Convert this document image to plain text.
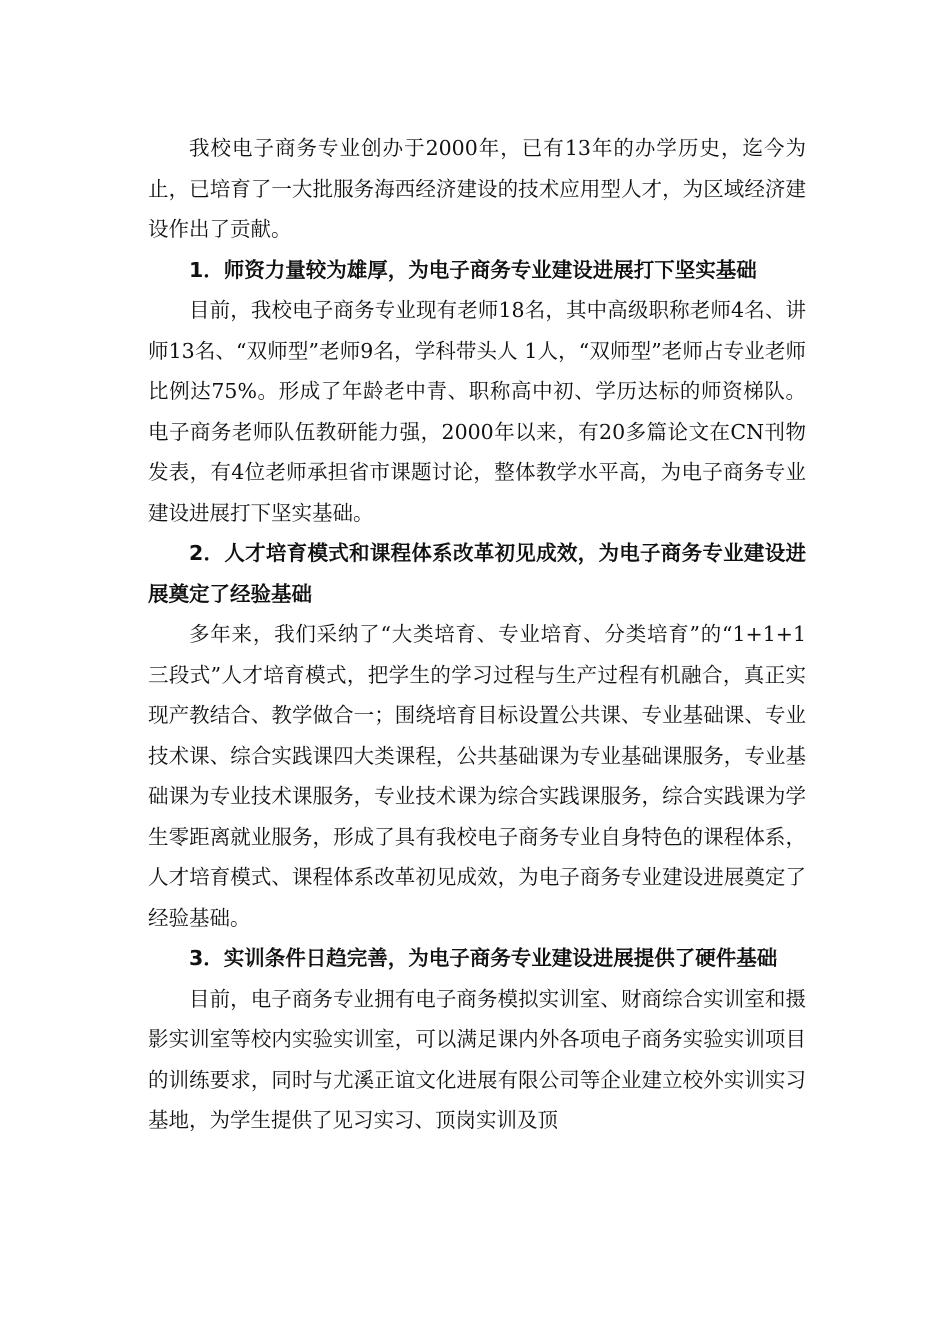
我校电子商务专业创办于2000年，已有13年的办学历史，迄今为止，已培育了一大批服务海西经济建设的技术应用型人才，为区域经济建设作出了贡献。

1．师资力量较为雄厚，为电子商务专业建设进展打下坚实基础

目前，我校电子商务专业现有老师18名，其中高级职称老师4名、讲师13名、“双师型”老师9名，学科带头人 1人，“双师型”老师占专业老师比例达75%。形成了年龄老中青、职称高中初、学历达标的师资梯队。电子商务老师队伍教研能力强，2000年以来，有20多篇论文在CN刊物发表，有4位老师承担省市课题讨论，整体教学水平高，为电子商务专业建设进展打下坚实基础。

2．人才培育模式和课程体系改革初见成效，为电子商务专业建设进展奠定了经验基础

多年来，我们采纳了“大类培育、专业培育、分类培育”的“1+1+1三段式”人才培育模式，把学生的学习过程与生产过程有机融合，真正实现产教结合、教学做合一；围绕培育目标设置公共课、专业基础课、专业技术课、综合实践课四大类课程，公共基础课为专业基础课服务，专业基础课为专业技术课服务，专业技术课为综合实践课服务，综合实践课为学生零距离就业服务，形成了具有我校电子商务专业自身特色的课程体系，人才培育模式、课程体系改革初见成效，为电子商务专业建设进展奠定了经验基础。

3．实训条件日趋完善，为电子商务专业建设进展提供了硬件基础

目前，电子商务专业拥有电子商务模拟实训室、财商综合实训室和摄影实训室等校内实验实训室，可以满足课内外各项电子商务实验实训项目的训练要求，同时与尤溪正谊文化进展有限公司等企业建立校外实训实习基地，为学生提供了见习实习、顶岗实训及顶
